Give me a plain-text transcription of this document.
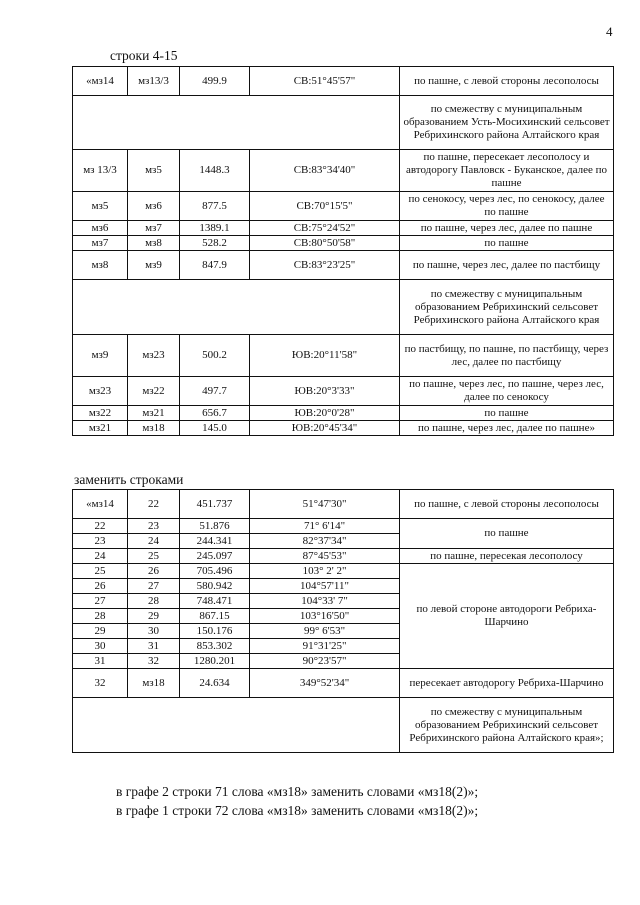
4
строки 4-15
«мз14	мз13/3	499.9	СВ:51°45'57"	по пашне, с левой стороны лесополосы
				по смежеству с муниципальным образованием Усть-Мосихинский сельсовет Ребрихинского района Алтайского края
мз 13/3	мз5	1448.3	СВ:83°34'40"	по пашне, пересекает лесополосу и автодорогу Павловск - Буканское, далее по пашне
мз5	мз6	877.5	СВ:70°15'5"	по сенокосу, через лес, по сенокосу, далее по пашне
мз6	мз7	1389.1	СВ:75°24'52"	по пашне, через лес, далее по пашне
мз7	мз8	528.2	СВ:80°50'58"	по пашне
мз8	мз9	847.9	СВ:83°23'25"	по пашне, через лес, далее по пастбищу
				по смежеству с муниципальным образованием Ребрихинский сельсовет Ребрихинского района Алтайского края
мз9	мз23	500.2	ЮВ:20°11'58"	по пастбищу, по пашне, по пастбищу, через лес, далее по пастбищу
мз23	мз22	497.7	ЮВ:20°3'33"	по пашне, через лес, по пашне, через лес, далее по сенокосу
мз22	мз21	656.7	ЮВ:20°0'28"	по пашне
мз21	мз18	145.0	ЮВ:20°45'34"	по пашне, через лес, далее по пашне»
заменить строками
«мз14	22	451.737	51°47'30"	по пашне, с левой стороны лесополосы
22	23	51.876	71° 6'14"	по пашне
23	24	244.341	82°37'34"	
24	25	245.097	87°45'53"	по пашне, пересекая лесополосу
25	26	705.496	103° 2' 2"	по левой стороне автодороги Ребриха-Шарчино
26	27	580.942	104°57'11"	
27	28	748.471	104°33' 7"	
28	29	867.15	103°16'50"	
29	30	150.176	99° 6'53"	
30	31	853.302	91°31'25"	
31	32	1280.201	90°23'57"	
32	мз18	24.634	349°52'34"	пересекает автодорогу Ребриха-Шарчино
				по смежеству с муниципальным образованием Ребрихинский сельсовет Ребрихинского района Алтайского края»;
в графе 2 строки 71 слова «мз18» заменить словами «мз18(2)»;
в графе 1 строки 72 слова «мз18» заменить словами «мз18(2)»;
